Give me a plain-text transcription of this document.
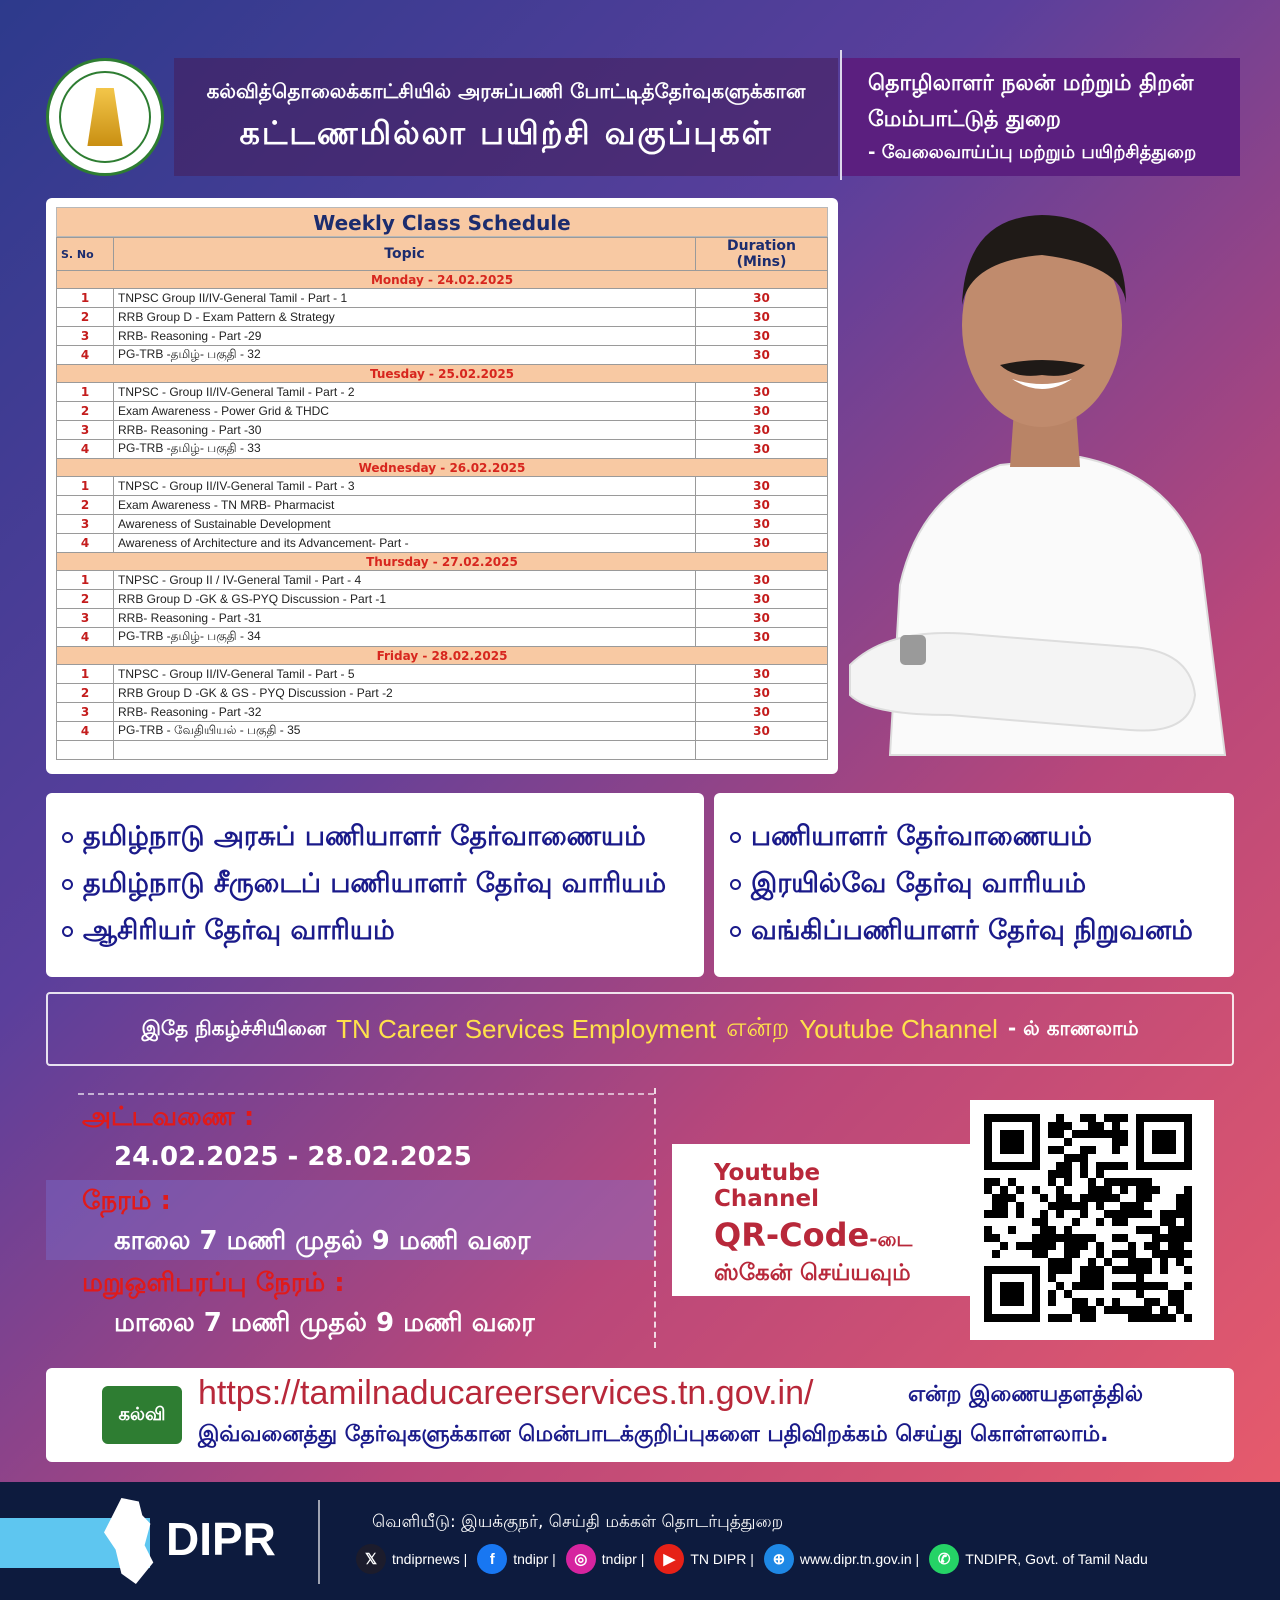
கல்வித்தொலைக்காட்சியில் அரசுப்பணி போட்டித்தேர்வுகளுக்கான
கட்டணமில்லா பயிற்சி வகுப்புகள்
தொழிலாளர் நலன் மற்றும் திறன்
மேம்பாட்டுத் துறை
- வேலைவாய்ப்பு மற்றும் பயிற்சித்துறை
Weekly Class Schedule
S. No	Topic	Duration (Mins)
Monday - 24.02.2025		
1	TNPSC Group II/IV-General Tamil - Part - 1	30
2	RRB Group D - Exam Pattern & Strategy	30
3	RRB- Reasoning - Part -29	30
4	PG-TRB -தமிழ்- பகுதி - 32	30
Tuesday - 25.02.2025		
1	TNPSC - Group II/IV-General Tamil - Part - 2	30
2	Exam Awareness - Power Grid & THDC	30
3	RRB- Reasoning - Part -30	30
4	PG-TRB -தமிழ்- பகுதி - 33	30
Wednesday - 26.02.2025		
1	TNPSC - Group II/IV-General Tamil - Part - 3	30
2	Exam Awareness - TN MRB- Pharmacist	30
3	Awareness of Sustainable Development	30
4	Awareness of Architecture and its Advancement- Part -	30
Thursday - 27.02.2025		
1	TNPSC - Group II / IV-General Tamil - Part - 4	30
2	RRB Group D -GK & GS-PYQ Discussion - Part -1	30
3	RRB- Reasoning - Part -31	30
4	PG-TRB -தமிழ்- பகுதி - 34	30
Friday - 28.02.2025		
1	TNPSC - Group II/IV-General Tamil - Part - 5	30
2	RRB Group D -GK & GS - PYQ Discussion - Part -2	30
3	RRB- Reasoning - Part -32	30
4	PG-TRB - வேதியியல் - பகுதி - 35	30

தமிழ்நாடு அரசுப் பணியாளர் தேர்வாணையம்
தமிழ்நாடு சீருடைப் பணியாளர் தேர்வு வாரியம்
ஆசிரியர் தேர்வு வாரியம்
பணியாளர் தேர்வாணையம்
இரயில்வே தேர்வு வாரியம்
வங்கிப்பணியாளர் தேர்வு நிறுவனம்
இதே நிகழ்ச்சியினை TN Career Services Employment என்ற Youtube Channel - ல் காணலாம்
அட்டவணை :
24.02.2025 - 28.02.2025
நேரம் :
காலை 7 மணி முதல் 9 மணி வரை
மறுஒளிபரப்பு நேரம் :
மாலை 7 மணி முதல் 9 மணி வரை
Youtube Channel
QR-Code-டை
ஸ்கேன் செய்யவும்
கல்வி
https://tamilnaducareerservices.tn.gov.in/	என்ற இணையதளத்தில்
இவ்வனைத்து தேர்வுகளுக்கான மென்பாடக்குறிப்புகளை பதிவிறக்கம் செய்து கொள்ளலாம்.
DIPR	வெளியீடு: இயக்குநர், செய்தி மக்கள் தொடர்புத்துறை
𝕏	tndiprnews |	f	tndipr |	◎	tndipr |	▶	TN DIPR |	⊕	www.dipr.tn.gov.in |	✆	TNDIPR, Govt. of Tamil Nadu
